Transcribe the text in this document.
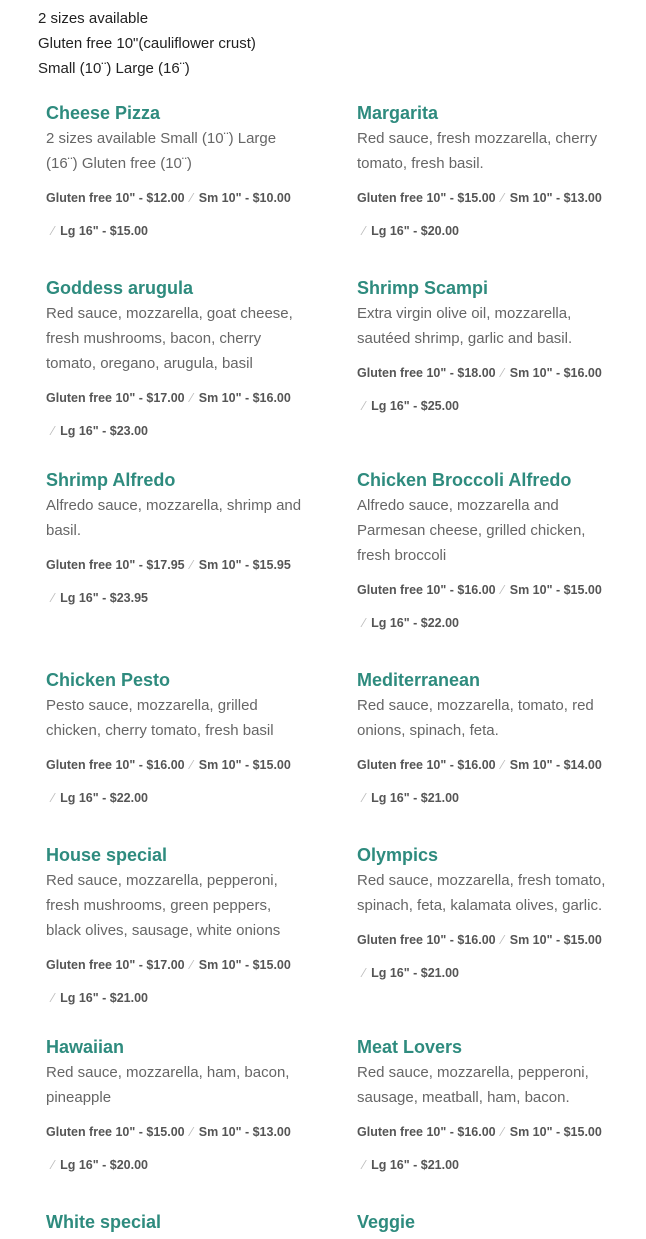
2 sizes available
Gluten free 10"(cauliflower crust)
Small (10¨) Large (16¨)
Cheese Pizza
2 sizes available Small (10¨) Large (16¨) Gluten free (10¨)
Gluten free 10" - $12.00 ⁄ Sm 10" - $10.00
⁄ Lg 16" - $15.00
Margarita
Red sauce, fresh mozzarella, cherry tomato, fresh basil.
Gluten free 10" - $15.00 ⁄ Sm 10" - $13.00
⁄ Lg 16" - $20.00
Goddess arugula
Red sauce, mozzarella, goat cheese, fresh mushrooms, bacon, cherry tomato, oregano, arugula, basil
Gluten free 10" - $17.00 ⁄ Sm 10" - $16.00
⁄ Lg 16" - $23.00
Shrimp Scampi
Extra virgin olive oil, mozzarella, sautéed shrimp, garlic and basil.
Gluten free 10" - $18.00 ⁄ Sm 10" - $16.00
⁄ Lg 16" - $25.00
Shrimp Alfredo
Alfredo sauce, mozzarella, shrimp and basil.
Gluten free 10" - $17.95 ⁄ Sm 10" - $15.95
⁄ Lg 16" - $23.95
Chicken Broccoli Alfredo
Alfredo sauce, mozzarella and Parmesan cheese, grilled chicken, fresh broccoli
Gluten free 10" - $16.00 ⁄ Sm 10" - $15.00
⁄ Lg 16" - $22.00
Chicken Pesto
Pesto sauce, mozzarella, grilled chicken, cherry tomato, fresh basil
Gluten free 10" - $16.00 ⁄ Sm 10" - $15.00
⁄ Lg 16" - $22.00
Mediterranean
Red sauce, mozzarella, tomato, red onions, spinach, feta.
Gluten free 10" - $16.00 ⁄ Sm 10" - $14.00
⁄ Lg 16" - $21.00
House special
Red sauce, mozzarella, pepperoni, fresh mushrooms, green peppers, black olives, sausage, white onions
Gluten free 10" - $17.00 ⁄ Sm 10" - $15.00
⁄ Lg 16" - $21.00
Olympics
Red sauce, mozzarella, fresh tomato, spinach, feta, kalamata olives, garlic.
Gluten free 10" - $16.00 ⁄ Sm 10" - $15.00
⁄ Lg 16" - $21.00
Hawaiian
Red sauce, mozzarella, ham, bacon, pineapple
Gluten free 10" - $15.00 ⁄ Sm 10" - $13.00
⁄ Lg 16" - $20.00
Meat Lovers
Red sauce, mozzarella, pepperoni, sausage, meatball, ham, bacon.
Gluten free 10" - $16.00 ⁄ Sm 10" - $15.00
⁄ Lg 16" - $21.00
White special	Veggie
